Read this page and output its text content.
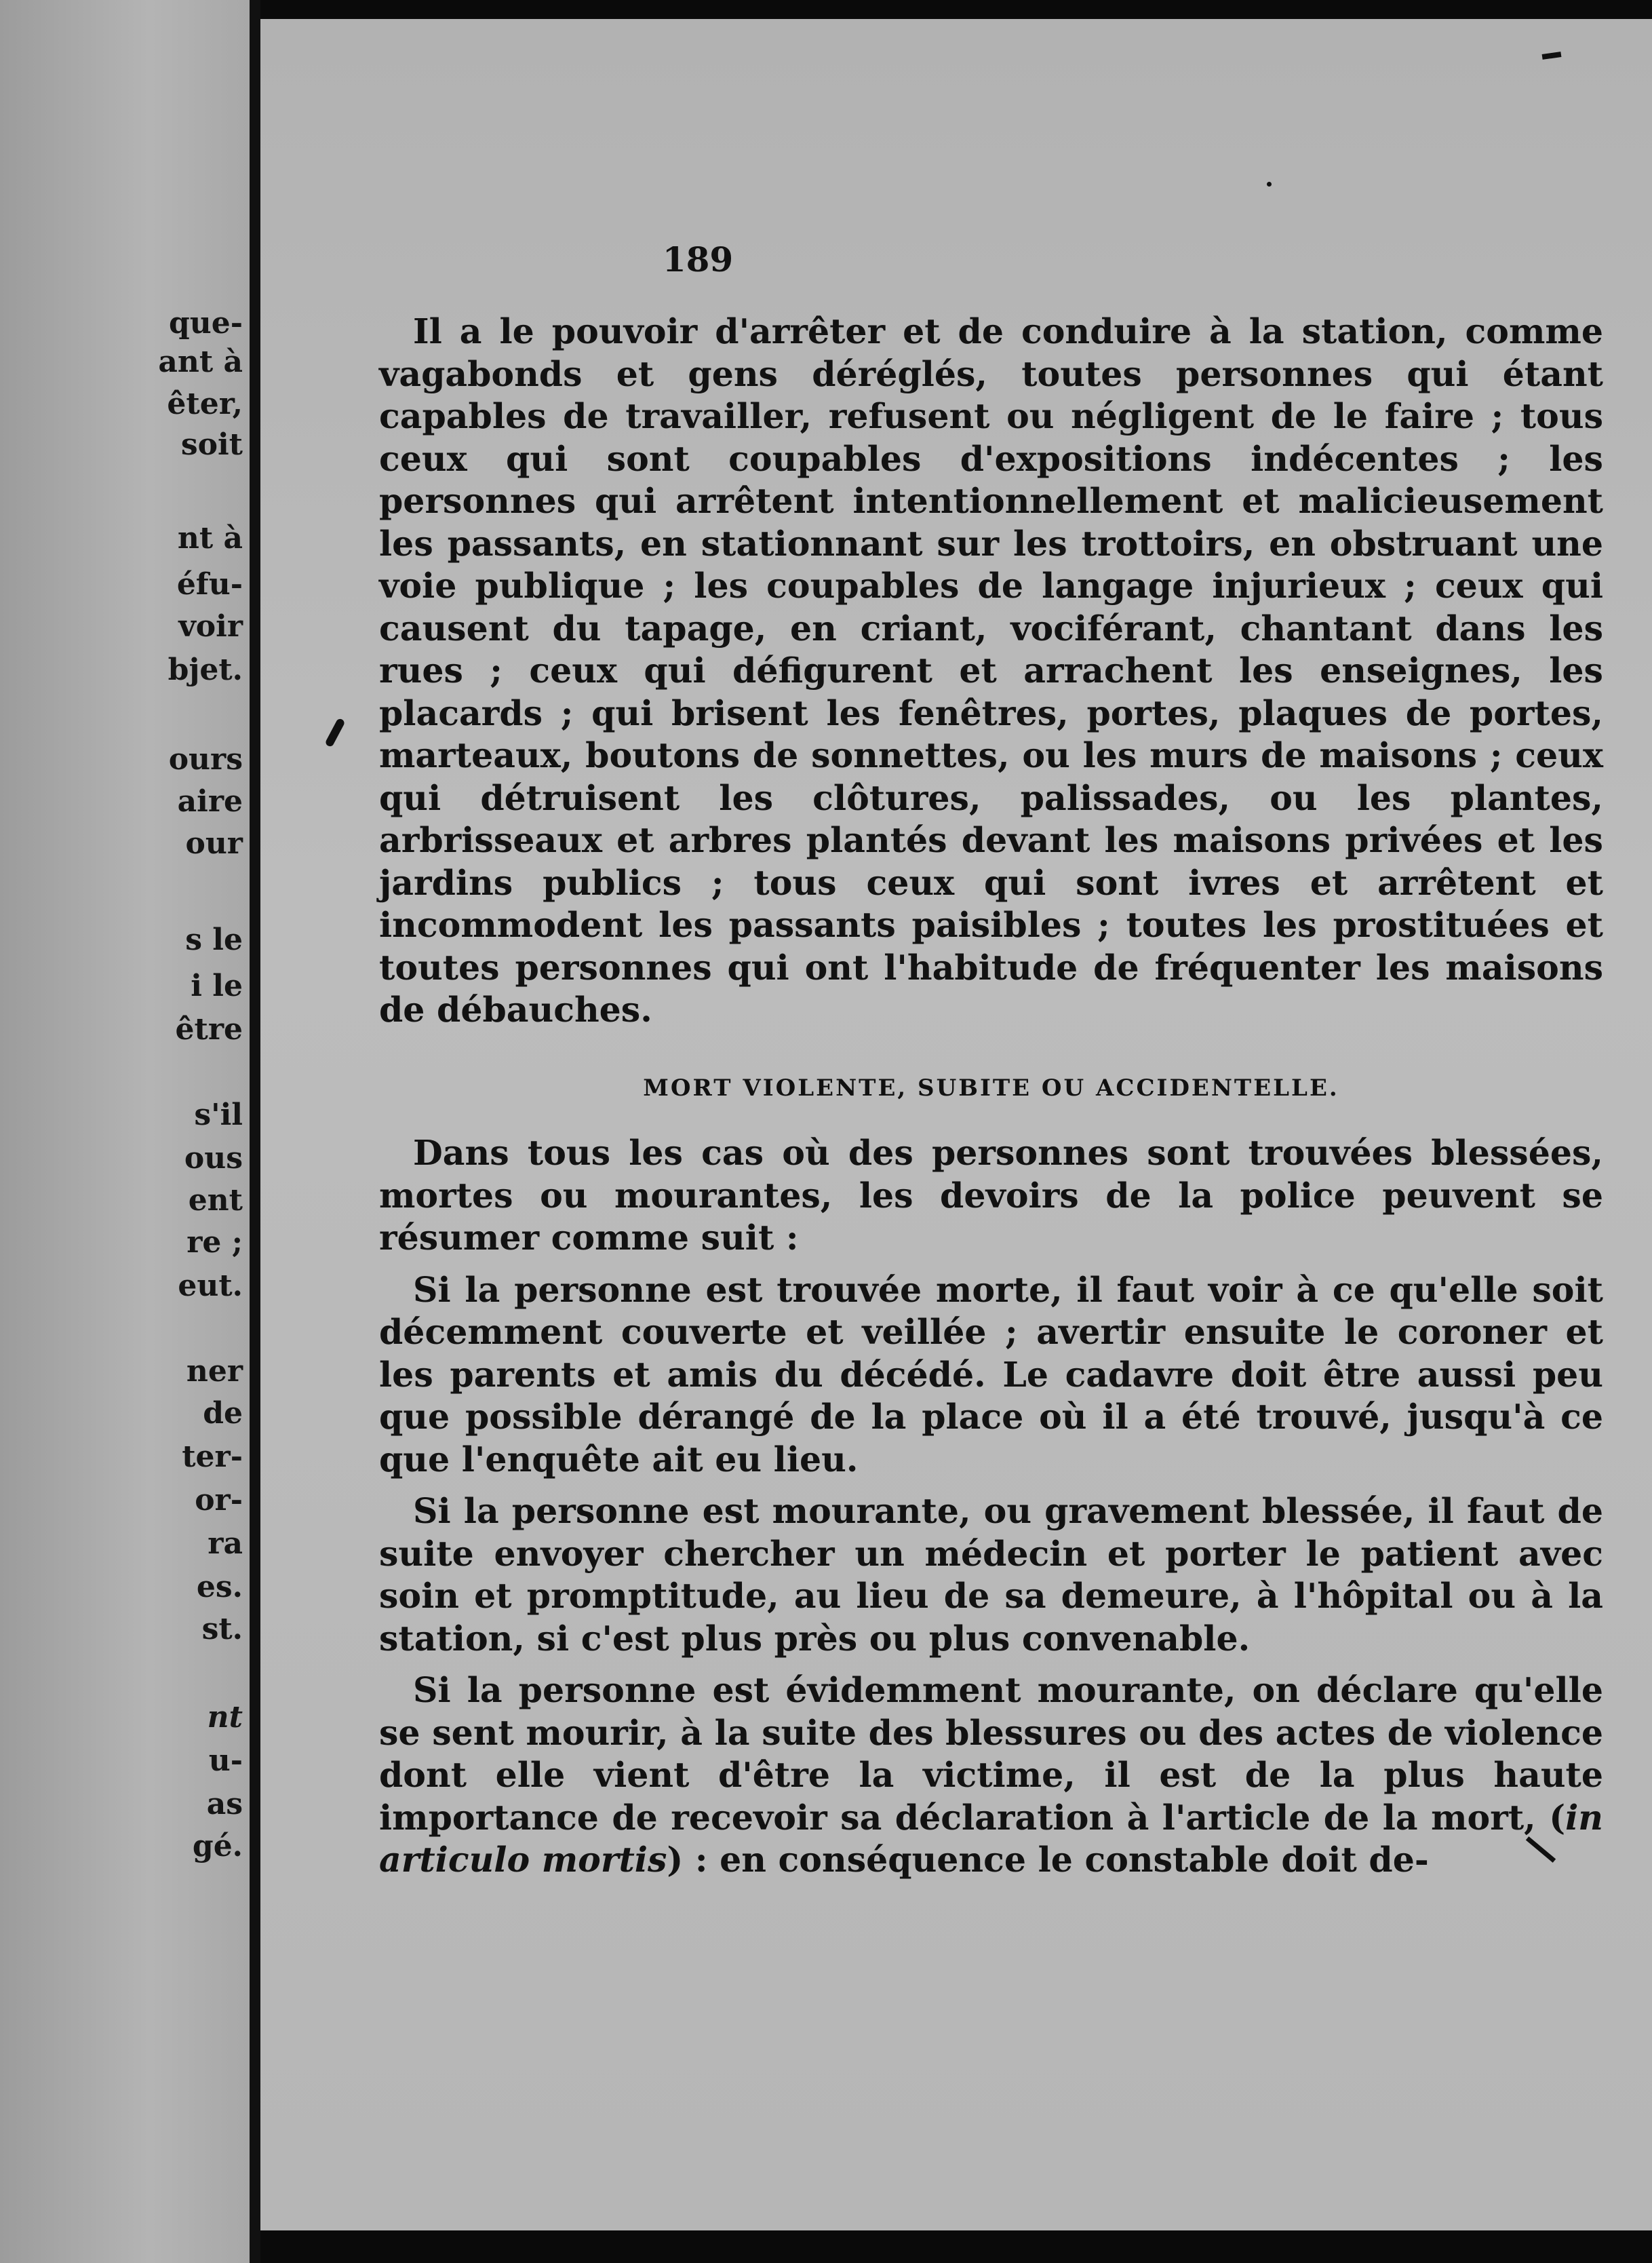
que-

ant à

êter,

soit

nt à

éfu-

voir

bjet.

ours

aire

our

s le

i le

être

s'il

ous

ent

re ;

eut.

ner

de

ter-

or-

ra

es.

st.

nt

u-

as

gé.

189

Il a le pouvoir d'arrêter et de conduire à la station, comme vagabonds et gens déréglés, toutes personnes qui étant capables de travailler, refusent ou négligent de le faire ; tous ceux qui sont coupables d'expositions indécentes ; les personnes qui arrêtent intentionnellement et malicieusement les passants, en stationnant sur les trottoirs, en obstruant une voie publique ; les coupables de langage injurieux ; ceux qui causent du tapage, en criant, vociférant, chantant dans les rues ; ceux qui défigurent et arrachent les enseignes, les placards ; qui brisent les fenêtres, portes, plaques de portes, marteaux, boutons de sonnettes, ou les murs de maisons ; ceux qui détruisent les clôtures, palissades, ou les plantes, arbrisseaux et arbres plantés devant les maisons privées et les jardins publics ; tous ceux qui sont ivres et arrêtent et incommodent les passants paisibles ; toutes les prostituées et toutes personnes qui ont l'habitude de fréquenter les maisons de débauches.

MORT VIOLENTE, SUBITE OU ACCIDENTELLE.

Dans tous les cas où des personnes sont trouvées blessées, mortes ou mourantes, les devoirs de la police peuvent se résumer comme suit :

Si la personne est trouvée morte, il faut voir à ce qu'elle soit décemment couverte et veillée ; avertir ensuite le coroner et les parents et amis du décédé. Le cadavre doit être aussi peu que possible dérangé de la place où il a été trouvé, jusqu'à ce que l'enquête ait eu lieu.

Si la personne est mourante, ou gravement blessée, il faut de suite envoyer chercher un médecin et porter le patient avec soin et promptitude, au lieu de sa demeure, à l'hôpital ou à la station, si c'est plus près ou plus convenable.

Si la personne est évidemment mourante, on déclare qu'elle se sent mourir, à la suite des blessures ou des actes de violence dont elle vient d'être la victime, il est de la plus haute importance de recevoir sa déclaration à l'article de la mort, (in articulo mortis) : en conséquence le constable doit de-
